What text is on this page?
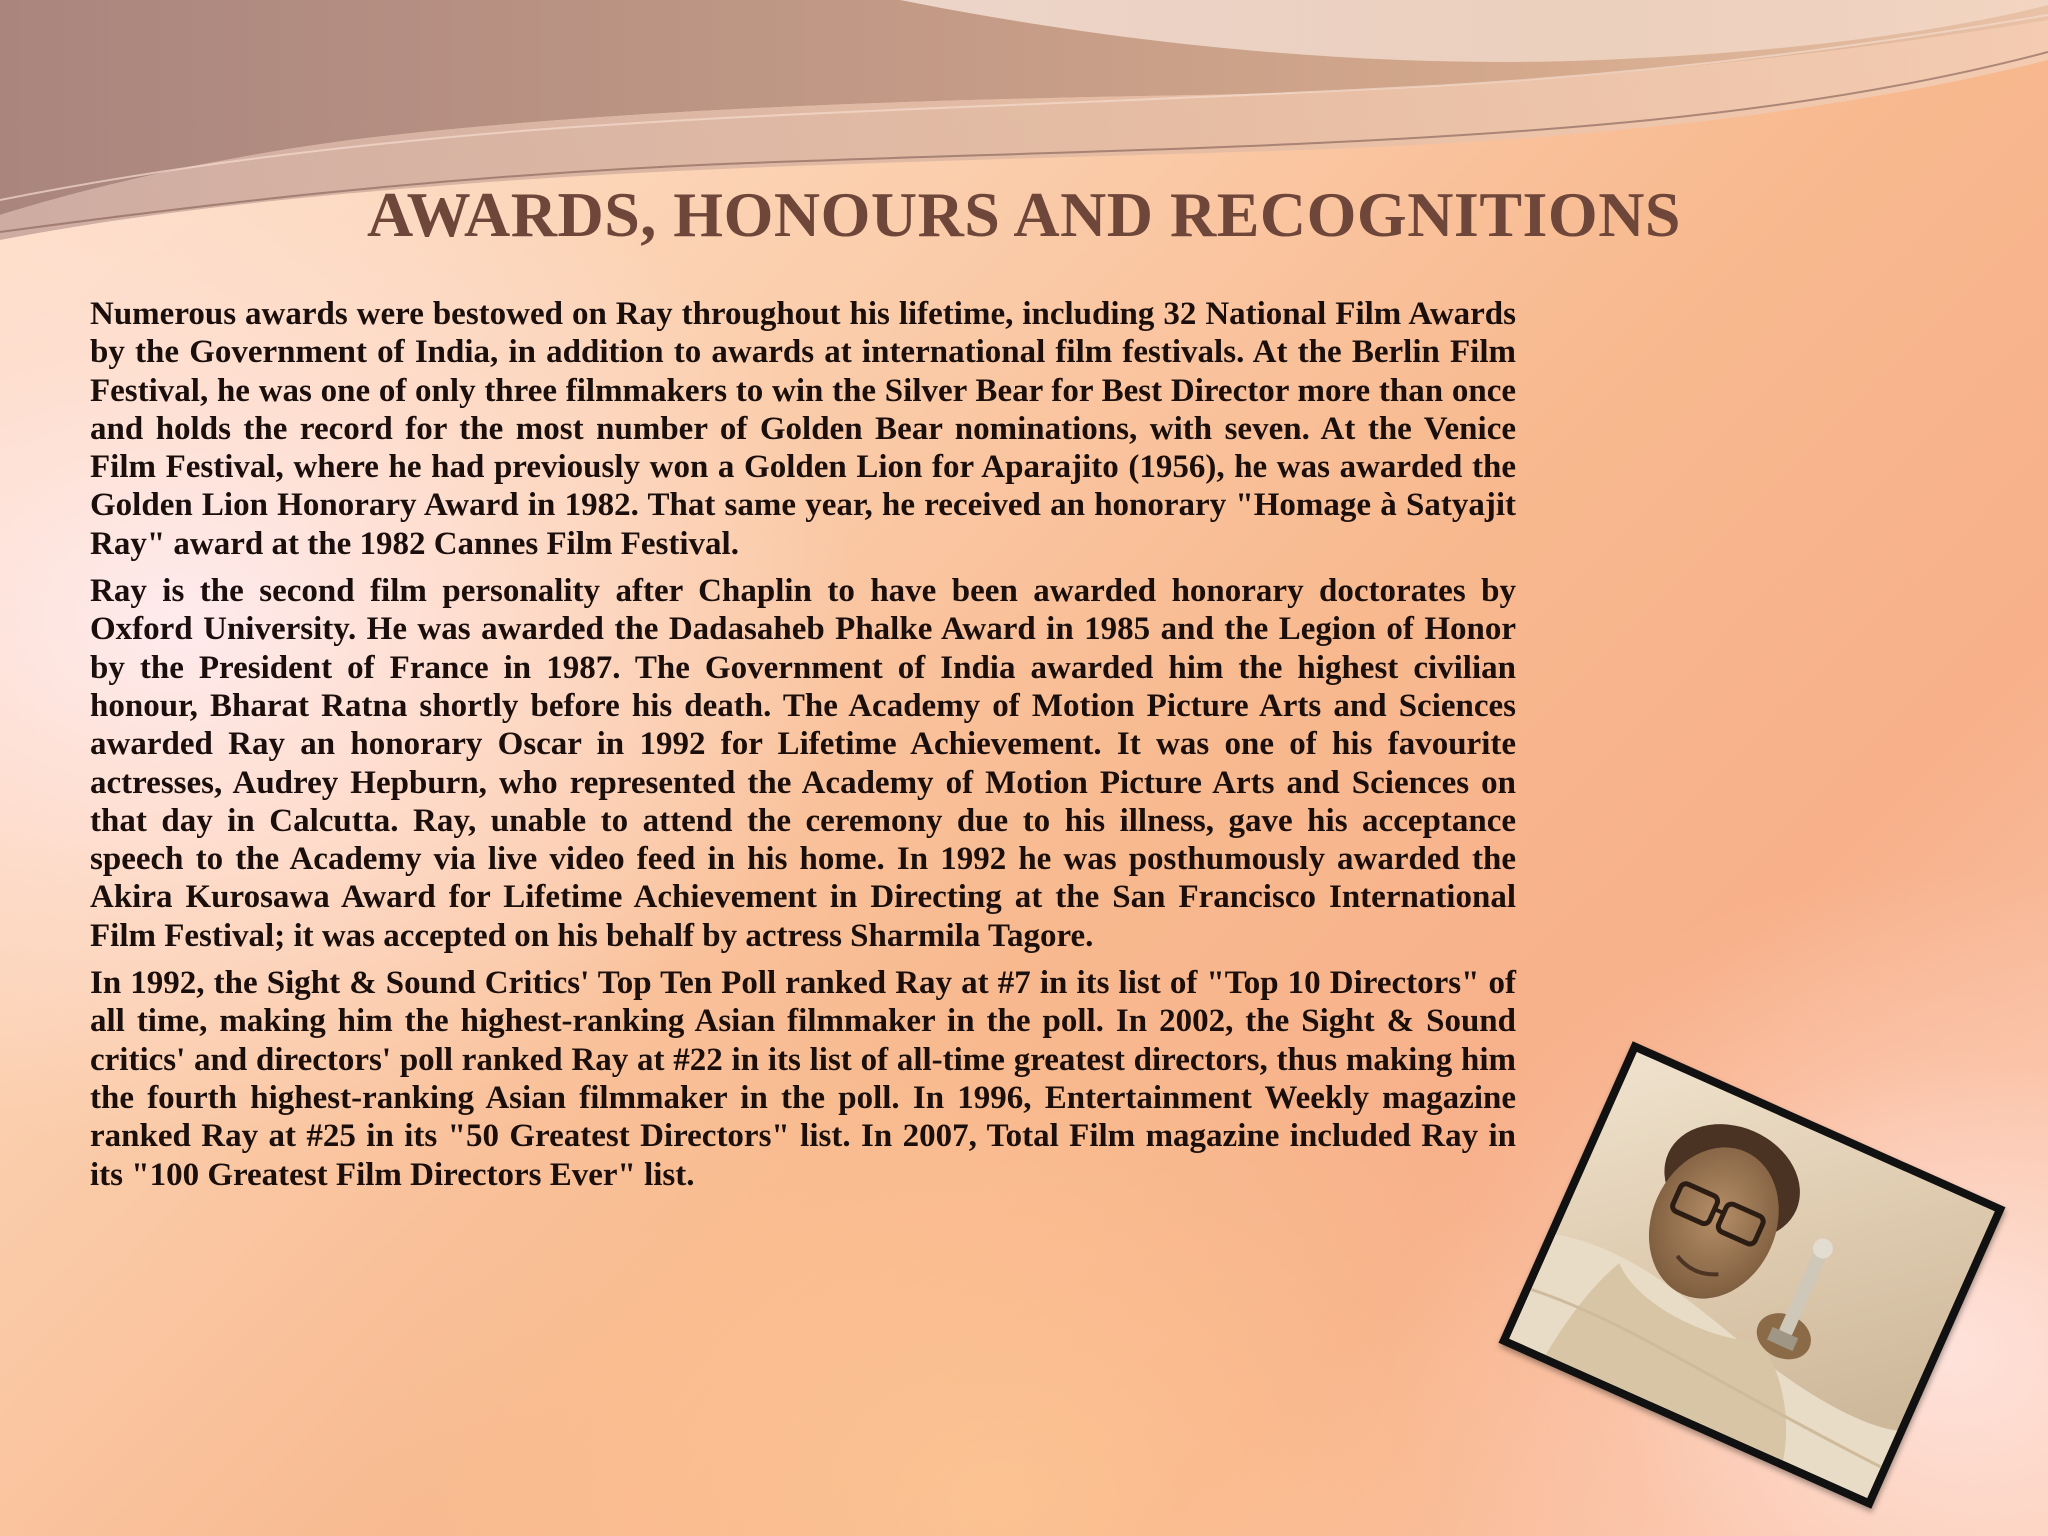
AWARDS, HONOURS AND RECOGNITIONS

Numerous awards were bestowed on Ray throughout his lifetime, including 32 National Film Awards by the Government of India, in addition to awards at international film festivals. At the Berlin Film Festival, he was one of only three filmmakers to win the Silver Bear for Best Director more than once and holds the record for the most number of Golden Bear nominations, with seven. At the Venice Film Festival, where he had previously won a Golden Lion for Aparajito (1956), he was awarded the Golden Lion Honorary Award in 1982. That same year, he received an honorary "Homage à Satyajit Ray" award at the 1982 Cannes Film Festival.

Ray is the second film personality after Chaplin to have been awarded honorary doctorates by Oxford University. He was awarded the Dadasaheb Phalke Award in 1985 and the Legion of Honor by the President of France in 1987. The Government of India awarded him the highest civilian honour, Bharat Ratna shortly before his death. The Academy of Motion Picture Arts and Sciences awarded Ray an honorary Oscar in 1992 for Lifetime Achievement. It was one of his favourite actresses, Audrey Hepburn, who represented the Academy of Motion Picture Arts and Sciences on that day in Calcutta. Ray, unable to attend the ceremony due to his illness, gave his acceptance speech to the Academy via live video feed in his home. In 1992 he was posthumously awarded the Akira Kurosawa Award for Lifetime Achievement in Directing at the San Francisco International Film Festival; it was accepted on his behalf by actress Sharmila Tagore.

In 1992, the Sight & Sound Critics' Top Ten Poll ranked Ray at #7 in its list of "Top 10 Directors" of all time, making him the highest-ranking Asian filmmaker in the poll. In 2002, the Sight & Sound critics' and directors' poll ranked Ray at #22 in its list of all-time greatest directors, thus making him the fourth highest-ranking Asian filmmaker in the poll. In 1996, Entertainment Weekly magazine ranked Ray at #25 in its "50 Greatest Directors" list. In 2007, Total Film magazine included Ray in its "100 Greatest Film Directors Ever" list.
